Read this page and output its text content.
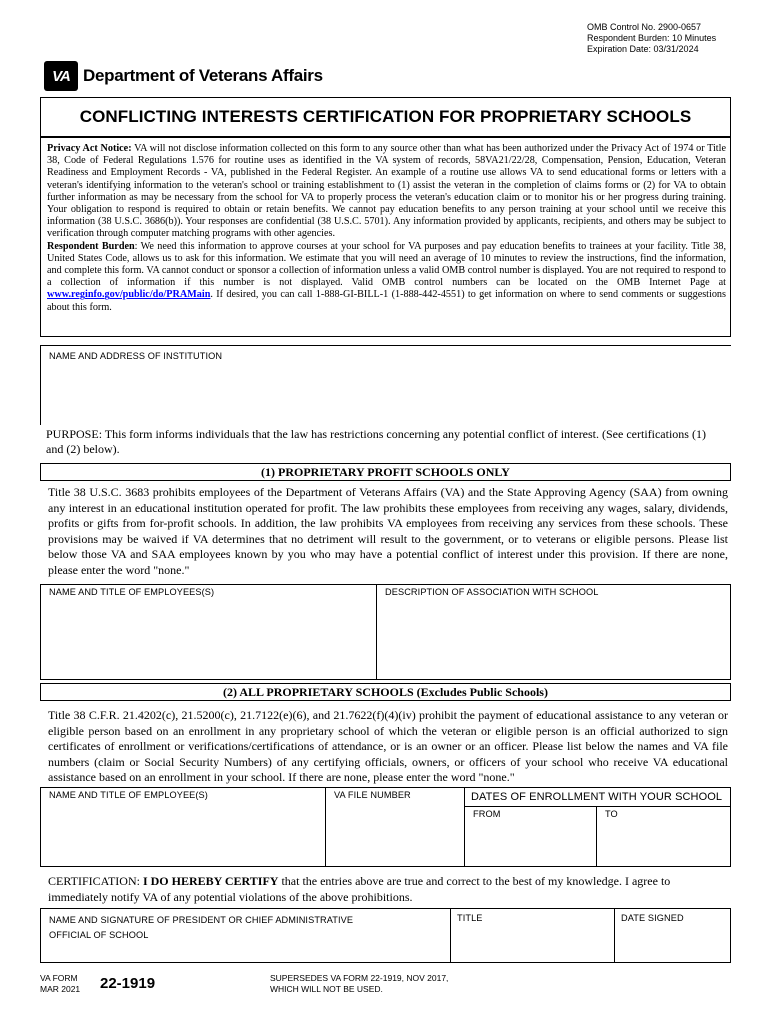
OMB Control No. 2900-0657
Respondent Burden: 10 Minutes
Expiration Date: 03/31/2024
VA Department of Veterans Affairs
CONFLICTING INTERESTS CERTIFICATION FOR PROPRIETARY SCHOOLS

Privacy Act Notice: VA will not disclose information collected on this form to any source other than what has been authorized under the Privacy Act of 1974 or Title 38, Code of Federal Regulations 1.576 for routine uses as identified in the VA system of records, 58VA21/22/28, Compensation, Pension, Education, Veteran Readiness and Employment Records - VA, published in the Federal Register. An example of a routine use allows VA to send educational forms or letters with a veteran's identifying information to the veteran's school or training establishment to (1) assist the veteran in the completion of claims forms or (2) for VA to obtain further information as may be necessary from the school for VA to properly process the veteran's education claim or to monitor his or her progress during training. Your obligation to respond is required to obtain or retain benefits. We cannot pay education benefits to any person training at your school until we receive this information (38 U.S.C. 3686(b)). Your responses are confidential (38 U.S.C. 5701). Any information provided by applicants, recipients, and others may be subject to verification through computer matching programs with other agencies.

Respondent Burden: We need this information to approve courses at your school for VA purposes and pay education benefits to trainees at your facility. Title 38, United States Code, allows us to ask for this information. We estimate that you will need an average of 10 minutes to review the instructions, find the information, and complete this form. VA cannot conduct or sponsor a collection of information unless a valid OMB control number is displayed. You are not required to respond to a collection of information if this number is not displayed. Valid OMB control numbers can be located on the OMB Internet Page at www.reginfo.gov/public/do/PRAMain. If desired, you can call 1-888-GI-BILL-1 (1-888-442-4551) to get information on where to send comments or suggestions about this form.

NAME AND ADDRESS OF INSTITUTION
PURPOSE: This form informs individuals that the law has restrictions concerning any potential conflict of interest. (See certifications (1) and (2) below).
(1) PROPRIETARY PROFIT SCHOOLS ONLY
Title 38 U.S.C. 3683 prohibits employees of the Department of Veterans Affairs (VA) and the State Approving Agency (SAA) from owning any interest in an educational institution operated for profit. The law prohibits these employees from receiving any wages, salary, dividends, profits or gifts from for-profit schools. In addition, the law prohibits VA employees from receiving any services from these schools. These provisions may be waived if VA determines that no detriment will result to the government, or to veterans or eligible persons. Please list below those VA and SAA employees known by you who may have a potential conflict of interest under this provision. If there are none, please enter the word "none."
NAME AND TITLE OF EMPLOYEES(S)	DESCRIPTION OF ASSOCIATION WITH SCHOOL
(2) ALL PROPRIETARY SCHOOLS (Excludes Public Schools)
Title 38 C.F.R. 21.4202(c), 21.5200(c), 21.7122(e)(6), and 21.7622(f)(4)(iv) prohibit the payment of educational assistance to any veteran or eligible person based on an enrollment in any proprietary school of which the veteran or eligible person is an official authorized to sign certificates of enrollment or verifications/certifications of attendance, or is an owner or an officer. Please list below the names and VA file numbers (claim or Social Security Numbers) of any certifying officials, owners, or officers of your school who receive VA educational assistance based on an enrollment in your school. If there are none, please enter the word "none."
NAME AND TITLE OF EMPLOYEE(S)	VA FILE NUMBER	DATES OF ENROLLMENT WITH YOUR SCHOOL
FROM	TO
CERTIFICATION: I DO HEREBY CERTIFY that the entries above are true and correct to the best of my knowledge. I agree to immediately notify VA of any potential violations of the above prohibitions.
NAME AND SIGNATURE OF PRESIDENT OR CHIEF ADMINISTRATIVE
OFFICIAL OF SCHOOL
TITLE	DATE SIGNED
VA FORM
MAR 2021 22-1919	SUPERSEDES VA FORM 22-1919, NOV 2017,
WHICH WILL NOT BE USED.
